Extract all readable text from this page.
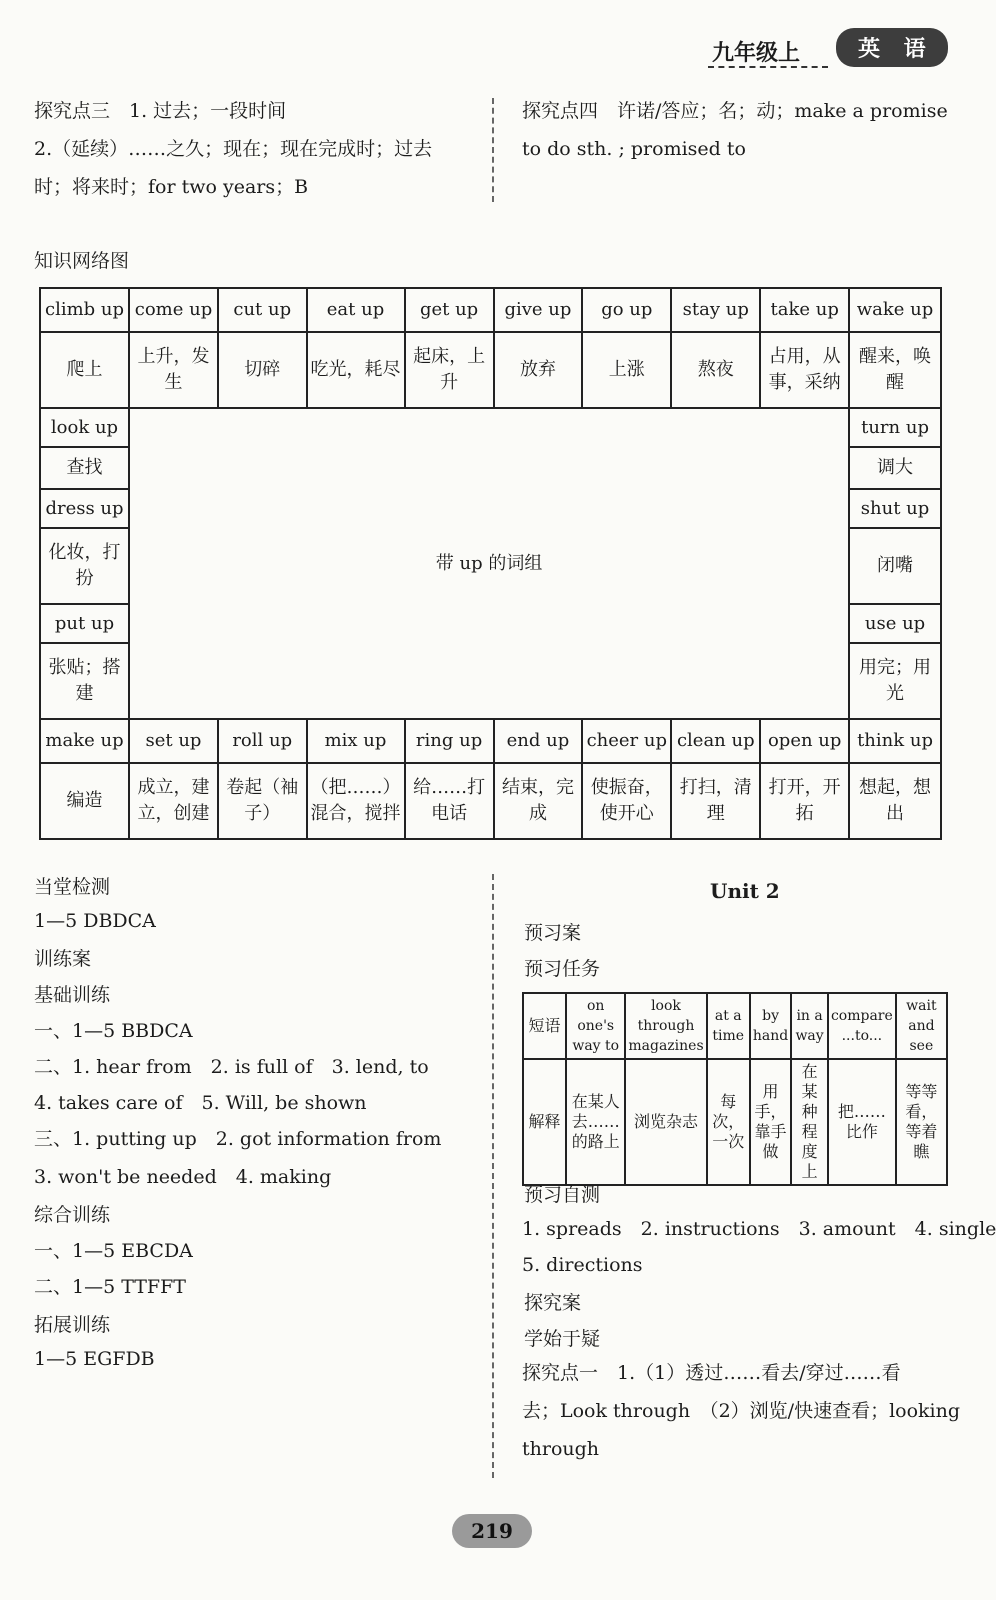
九年级上	英 语
探究点三　1. 过去；一段时间
2.（延续）……之久；现在；现在完成时；过去
时；将来时；for two years；B
探究点四　许诺/答应；名；动；make a promise
to do sth. ; promised to
知识网络图
climb up	come up	cut up	eat up	get up	give up	go up	stay up	take up	wake up
爬上	上升，发生	切碎	吃光，耗尽	起床，上升	放弃	上涨	熬夜	占用，从事，采纳	醒来，唤醒
look up	带 up 的词组								turn up
查找									调大
dress up									shut up
化妆，打扮									闭嘴
put up									use up
张贴；搭建									用完；用光
make up	set up	roll up	mix up	ring up	end up	cheer up	clean up	open up	think up
编造	成立，建立，创建	卷起（袖子）	（把……）混合，搅拌	给……打电话	结束，完成	使振奋，使开心	打扫，清理	打开，开拓	想起，想出
当堂检测
1—5 DBDCA
训练案
基础训练
一、1—5 BBDCA
二、1. hear from　2. is full of　3. lend, to
4. takes care of　5. Will, be shown
三、1. putting up　2. got information from
3. won't be needed　4. making
综合训练
一、1—5 EBCDA
二、1—5 TTFFT
拓展训练
1—5 EGFDB
Unit 2
预习案
预习任务
短语	on one's way to	look through magazines	at a time	by hand	in a way	compare ...to...	wait and see
解释	在某人去……的路上	浏览杂志	每次，一次	用手，靠手做	在某种程度上	把……比作	等等看，等着瞧
预习自测
1. spreads　2. instructions　3. amount　4. single
5. directions
探究案
学始于疑
探究点一　1.（1）透过……看去/穿过……看
去；Look through　（2）浏览/快速查看；looking
through
219
